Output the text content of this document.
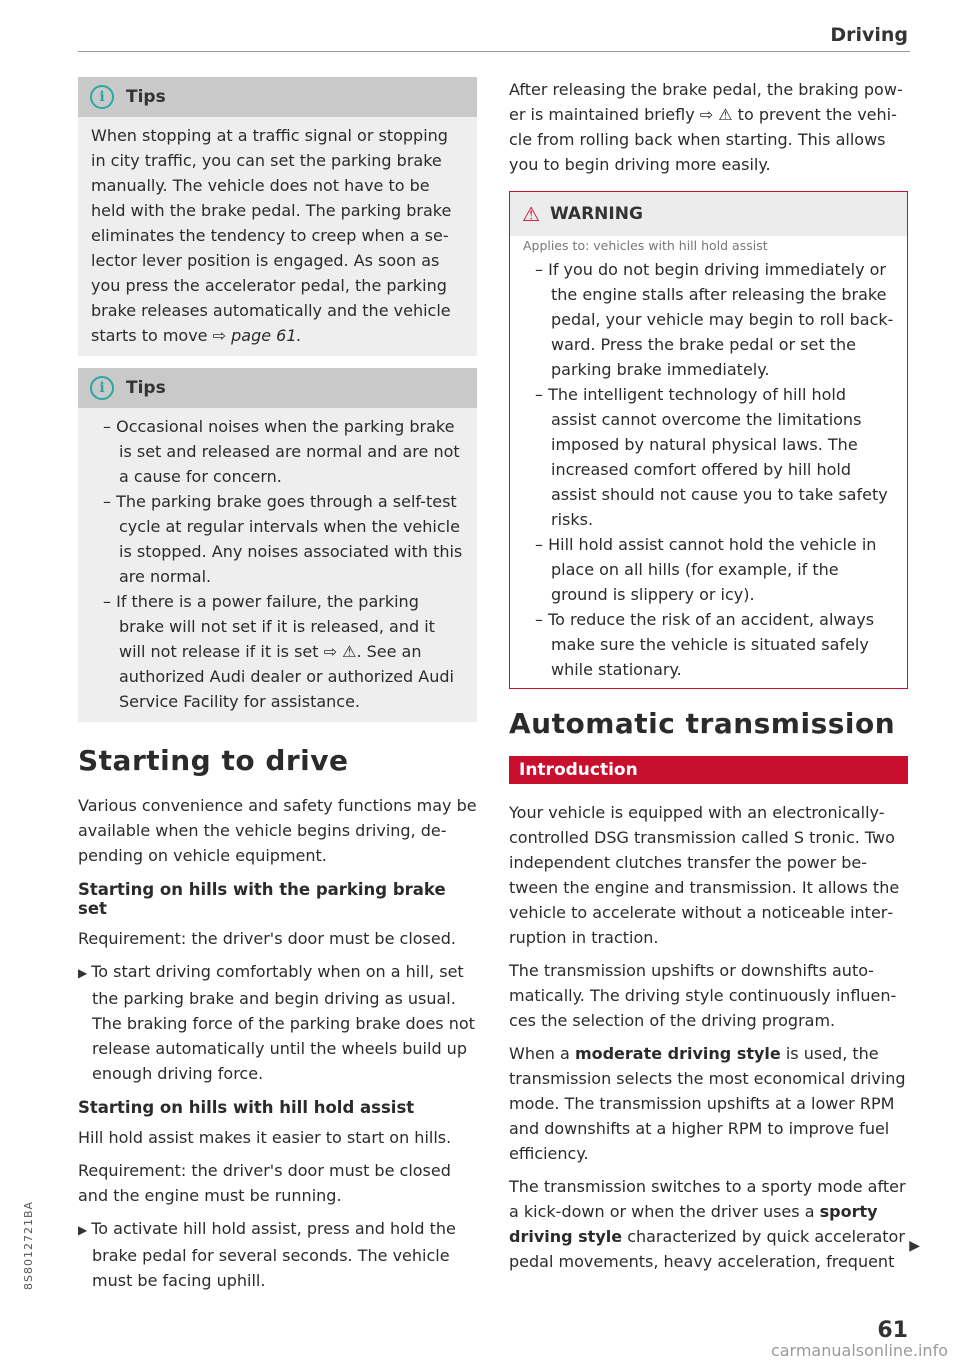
Driving
i	Tips

When stopping at a traffic signal or stopping in city traffic, you can set the parking brake manually. The vehicle does not have to be held with the brake pedal. The parking brake eliminates the tendency to creep when a selector lever position is engaged. As soon as you press the accelerator pedal, the parking brake releases automatically and the vehicle starts to move ⇨ page 61.

i	Tips
– Occasional noises when the parking brake is set and released are normal and are not a cause for concern.
– The parking brake goes through a self-test cycle at regular intervals when the vehicle is stopped. Any noises associated with this are normal.
– If there is a power failure, the parking brake will not set if it is released, and it will not release if it is set ⇨ ⚠. See an authorized Audi dealer or authorized Audi Service Facility for assistance.
Starting to drive

Various convenience and safety functions may be available when the vehicle begins driving, depending on vehicle equipment.

Starting on hills with the parking brake set

Requirement: the driver's door must be closed.

▶ To start driving comfortably when on a hill, set the parking brake and begin driving as usual. The braking force of the parking brake does not release automatically until the wheels build up enough driving force.

Starting on hills with hill hold assist

Hill hold assist makes it easier to start on hills.

Requirement: the driver's door must be closed and the engine must be running.

▶ To activate hill hold assist, press and hold the brake pedal for several seconds. The vehicle must be facing uphill.

After releasing the brake pedal, the braking power is maintained briefly ⇨ ⚠ to prevent the vehicle from rolling back when starting. This allows you to begin driving more easily.

⚠ WARNING
Applies to: vehicles with hill hold assist
– If you do not begin driving immediately or the engine stalls after releasing the brake pedal, your vehicle may begin to roll backward. Press the brake pedal or set the parking brake immediately.
– The intelligent technology of hill hold assist cannot overcome the limitations imposed by natural physical laws. The increased comfort offered by hill hold assist should not cause you to take safety risks.
– Hill hold assist cannot hold the vehicle in place on all hills (for example, if the ground is slippery or icy).
– To reduce the risk of an accident, always make sure the vehicle is situated safely while stationary.
Automatic transmission
Introduction

Your vehicle is equipped with an electronically-controlled DSG transmission called S tronic. Two independent clutches transfer the power between the engine and transmission. It allows the vehicle to accelerate without a noticeable interruption in traction.

The transmission upshifts or downshifts automatically. The driving style continuously influences the selection of the driving program.

When a moderate driving style is used, the transmission selects the most economical driving mode. The transmission upshifts at a lower RPM and downshifts at a higher RPM to improve fuel efficiency.

The transmission switches to a sporty mode after a kick-down or when the driver uses a sporty driving style characterized by quick accelerator pedal movements, heavy acceleration, frequent

▶
61
8S8012721BA
carmanualsonline.info
